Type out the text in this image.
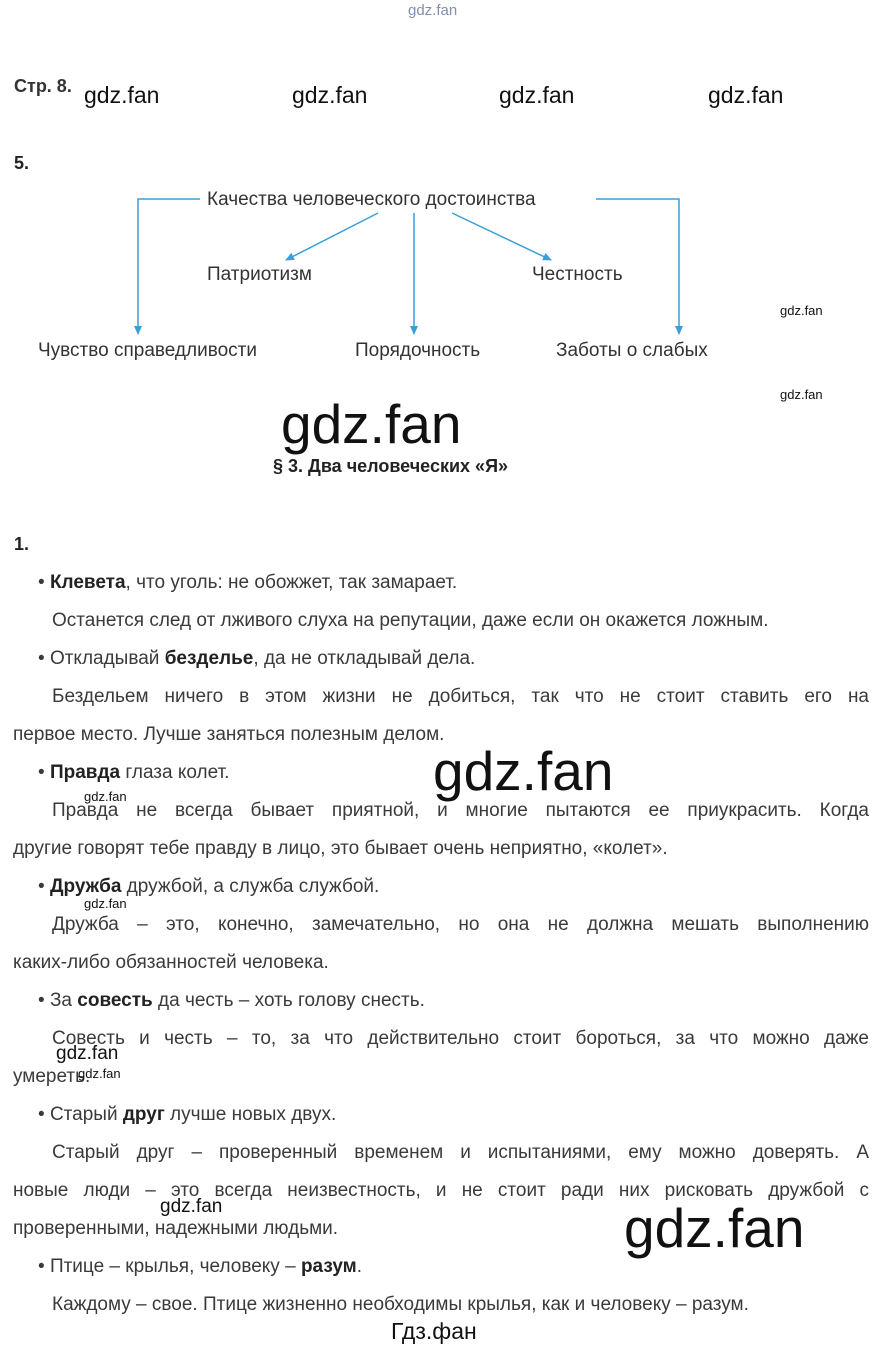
gdz.fan
Стр. 8. gdz.fan	gdz.fan	gdz.fan	gdz.fan
5.
Качества человеческого достоинства
Патриотизм	Честность
Чувство справедливости	Порядочность	Заботы о слабых
gdz.fan
gdz.fan
gdz.fan
§ 3. Два человеческих «Я»
1.
• Клевета, что уголь: не обожжет, так замарает.
Останется след от лживого слуха на репутации, даже если он окажется ложным.
• Откладывай безделье, да не откладывай дела.
Бездельем ничего в этом жизни не добиться, так что не стоит ставить его на
первое место. Лучше заняться полезным делом.
• Правда глаза колет.
Правда не всегда бывает приятной, и многие пытаются ее приукрасить. Когда
другие говорят тебе правду в лицо, это бывает очень неприятно, «колет».
• Дружба дружбой, а служба службой.
Дружба – это, конечно, замечательно, но она не должна мешать выполнению
каких-либо обязанностей человека.
• За совесть да честь – хоть голову снесть.
Совесть и честь – то, за что действительно стоит бороться, за что можно даже
умереть.
• Старый друг лучше новых двух.
Старый друг – проверенный временем и испытаниями, ему можно доверять. А
новые люди – это всегда неизвестность, и не стоит ради них рисковать дружбой с
проверенными, надежными людьми.
• Птице – крылья, человеку – разум.
Каждому – свое. Птице жизненно необходимы крылья, как и человеку – разум.
gdz.fan
gdz.fan
gdz.fan
gdz.fan
gdz.fan
gdz.fan	gdz.fan
Гдз.фан
